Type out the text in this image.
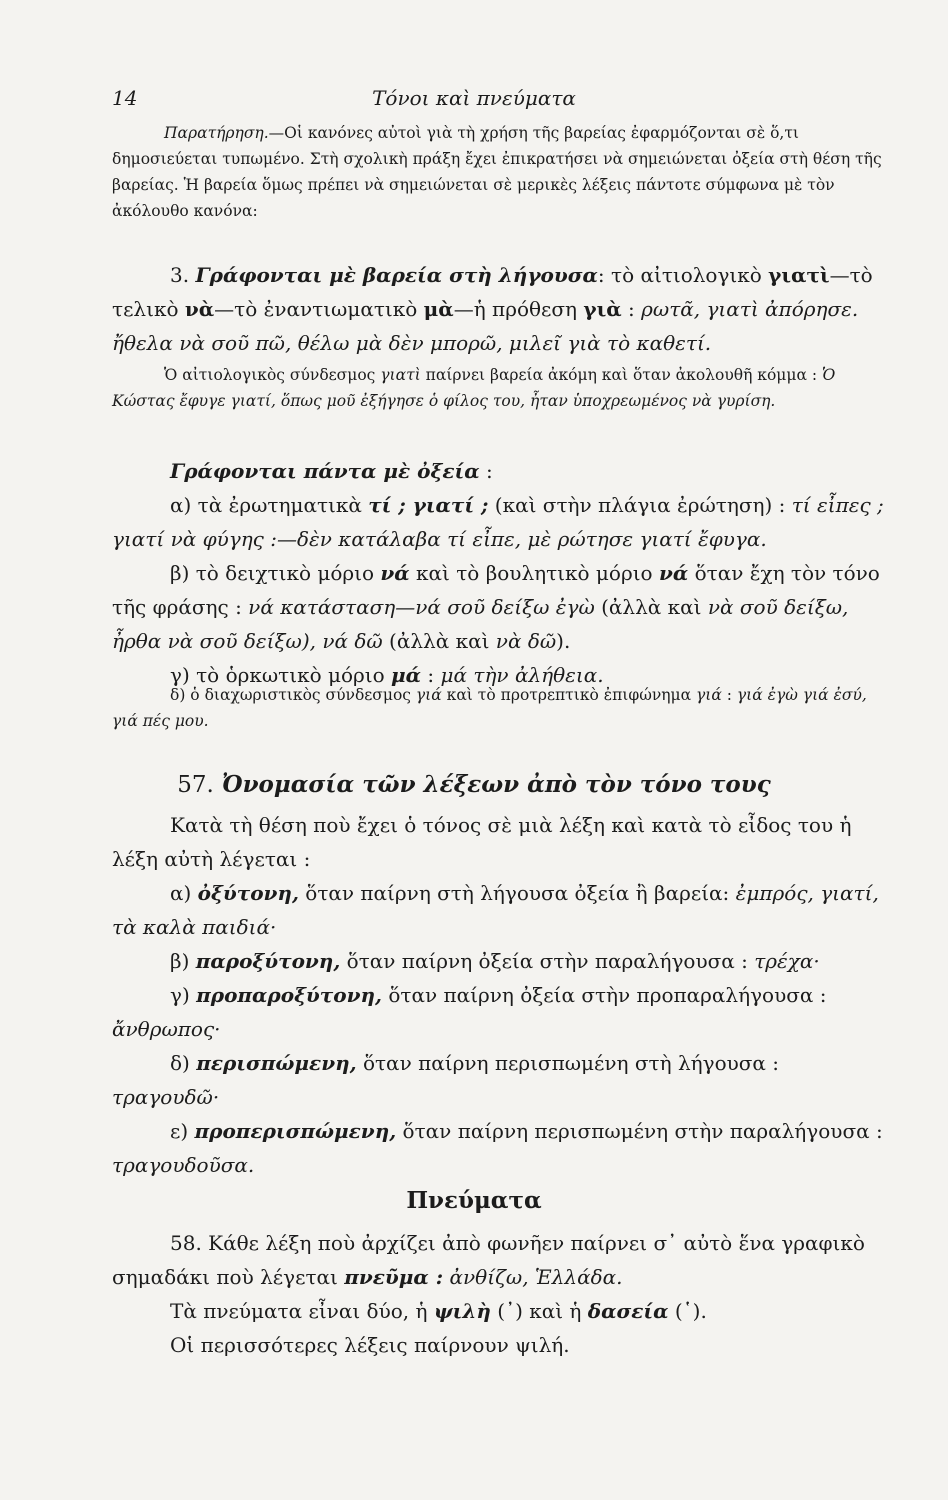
14	Τόνοι καὶ πνεύματα

Παρατήρηση.—Οἱ κανόνες αὐτοὶ γιὰ τὴ χρήση τῆς βαρείας ἐφαρμόζονται σὲ ὅ,τι δημοσιεύεται τυπωμένο. Στὴ σχολικὴ πράξη ἔχει ἐπικρατήσει νὰ σημειώνεται ὀξεία στὴ θέση τῆς βαρείας. Ἡ βαρεία ὅμως πρέπει νὰ σημειώνεται σὲ μερικὲς λέξεις πάντοτε σύμφωνα μὲ τὸν ἀκόλουθο κανόνα:

3. Γράφονται μὲ βαρεία στὴ λήγουσα: τὸ αἰτιολογικὸ γιατὶ—τὸ τελικὸ νὰ—τὸ ἐναντιωματικὸ μὰ—ἡ πρόθεση γιὰ : ρωτᾶ, γιατὶ ἀπόρησε. ἤθελα νὰ σοῦ πῶ, θέλω μὰ δὲν μπορῶ, μιλεῖ γιὰ τὸ καθετί.

Ὁ αἰτιολογικὸς σύνδεσμος γιατὶ παίρνει βαρεία ἀκόμη καὶ ὅταν ἀκολουθῆ κόμμα : Ὁ Κώστας ἔφυγε γιατί, ὅπως μοῦ ἐξήγησε ὁ φίλος του, ἦταν ὑποχρεωμένος νὰ γυρίση.

Γράφονται πάντα μὲ ὀξεία :

α) τὰ ἐρωτηματικὰ τί ; γιατί ; (καὶ στὴν πλάγια ἐρώτηση) : τί εἶπες ; γιατί νὰ φύγης :—δὲν κατάλαβα τί εἶπε, μὲ ρώτησε γιατί ἔφυγα.

β) τὸ δειχτικὸ μόριο νά καὶ τὸ βουλητικὸ μόριο νά ὅταν ἔχη τὸν τόνο τῆς φράσης : νά κατάσταση—νά σοῦ δείξω ἐγὼ (ἀλλὰ καὶ νὰ σοῦ δείξω, ἦρθα νὰ σοῦ δείξω), νά δῶ (ἀλλὰ καὶ νὰ δῶ).

γ) τὸ ὁρκωτικὸ μόριο μά : μά τὴν ἀλήθεια.

δ) ὁ διαχωριστικὸς σύνδεσμος γιά καὶ τὸ προτρεπτικὸ ἐπιφώνημα γιά : γιά ἐγὼ γιά ἐσύ, γιά πές μου.

57. Ὀνομασία τῶν λέξεων ἀπὸ τὸν τόνο τους

Κατὰ τὴ θέση ποὺ ἔχει ὁ τόνος σὲ μιὰ λέξη καὶ κατὰ τὸ εἶδος του ἡ λέξη αὐτὴ λέγεται :

α) ὀξύτονη, ὅταν παίρνη στὴ λήγουσα ὀξεία ἢ βαρεία: ἐμπρός, γιατί, τὰ καλὰ παιδιά·

β) παροξύτονη, ὅταν παίρνη ὀξεία στὴν παραλήγουσα : τρέχα·

γ) προπαροξύτονη, ὅταν παίρνη ὀξεία στὴν προπαραλήγουσα : ἄνθρωπος·

δ) περισπώμενη, ὅταν παίρνη περισπωμένη στὴ λήγουσα : τραγουδῶ·

ε) προπερισπώμενη, ὅταν παίρνη περισπωμένη στὴν παραλήγουσα : τραγουδοῦσα.

Πνεύματα

58. Κάθε λέξη ποὺ ἀρχίζει ἀπὸ φωνῆεν παίρνει σ᾿ αὐτὸ ἕνα γραφικὸ σημαδάκι ποὺ λέγεται πνεῦμα : ἀνθίζω, Ἑλλάδα.

Τὰ πνεύματα εἶναι δύο, ἡ ψιλὴ (᾿) καὶ ἡ δασεία (῾).

Οἱ περισσότερες λέξεις παίρνουν ψιλή.
